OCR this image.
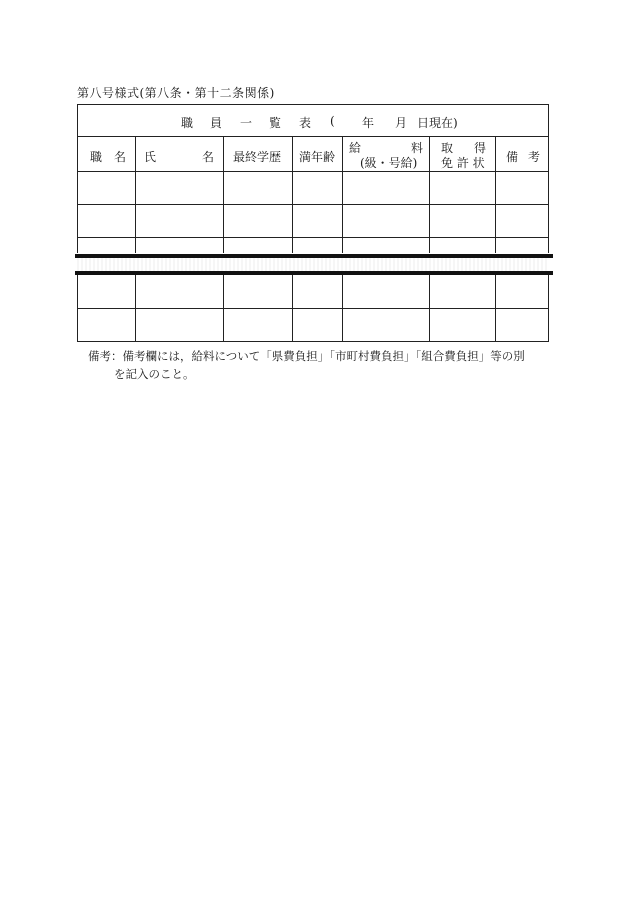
第八号様式(第八条・第十二条関係)
職 員 一 覧 表 ( 年 月 日現在)
職 名 氏	名 最終学歴 満年齢
給	料
(級・号給)
取 得
免 許 状 備 考
備考：備考欄には，給料について「県費負担」「市町村費負担」「組合費負担」等の別
を記入のこと。
